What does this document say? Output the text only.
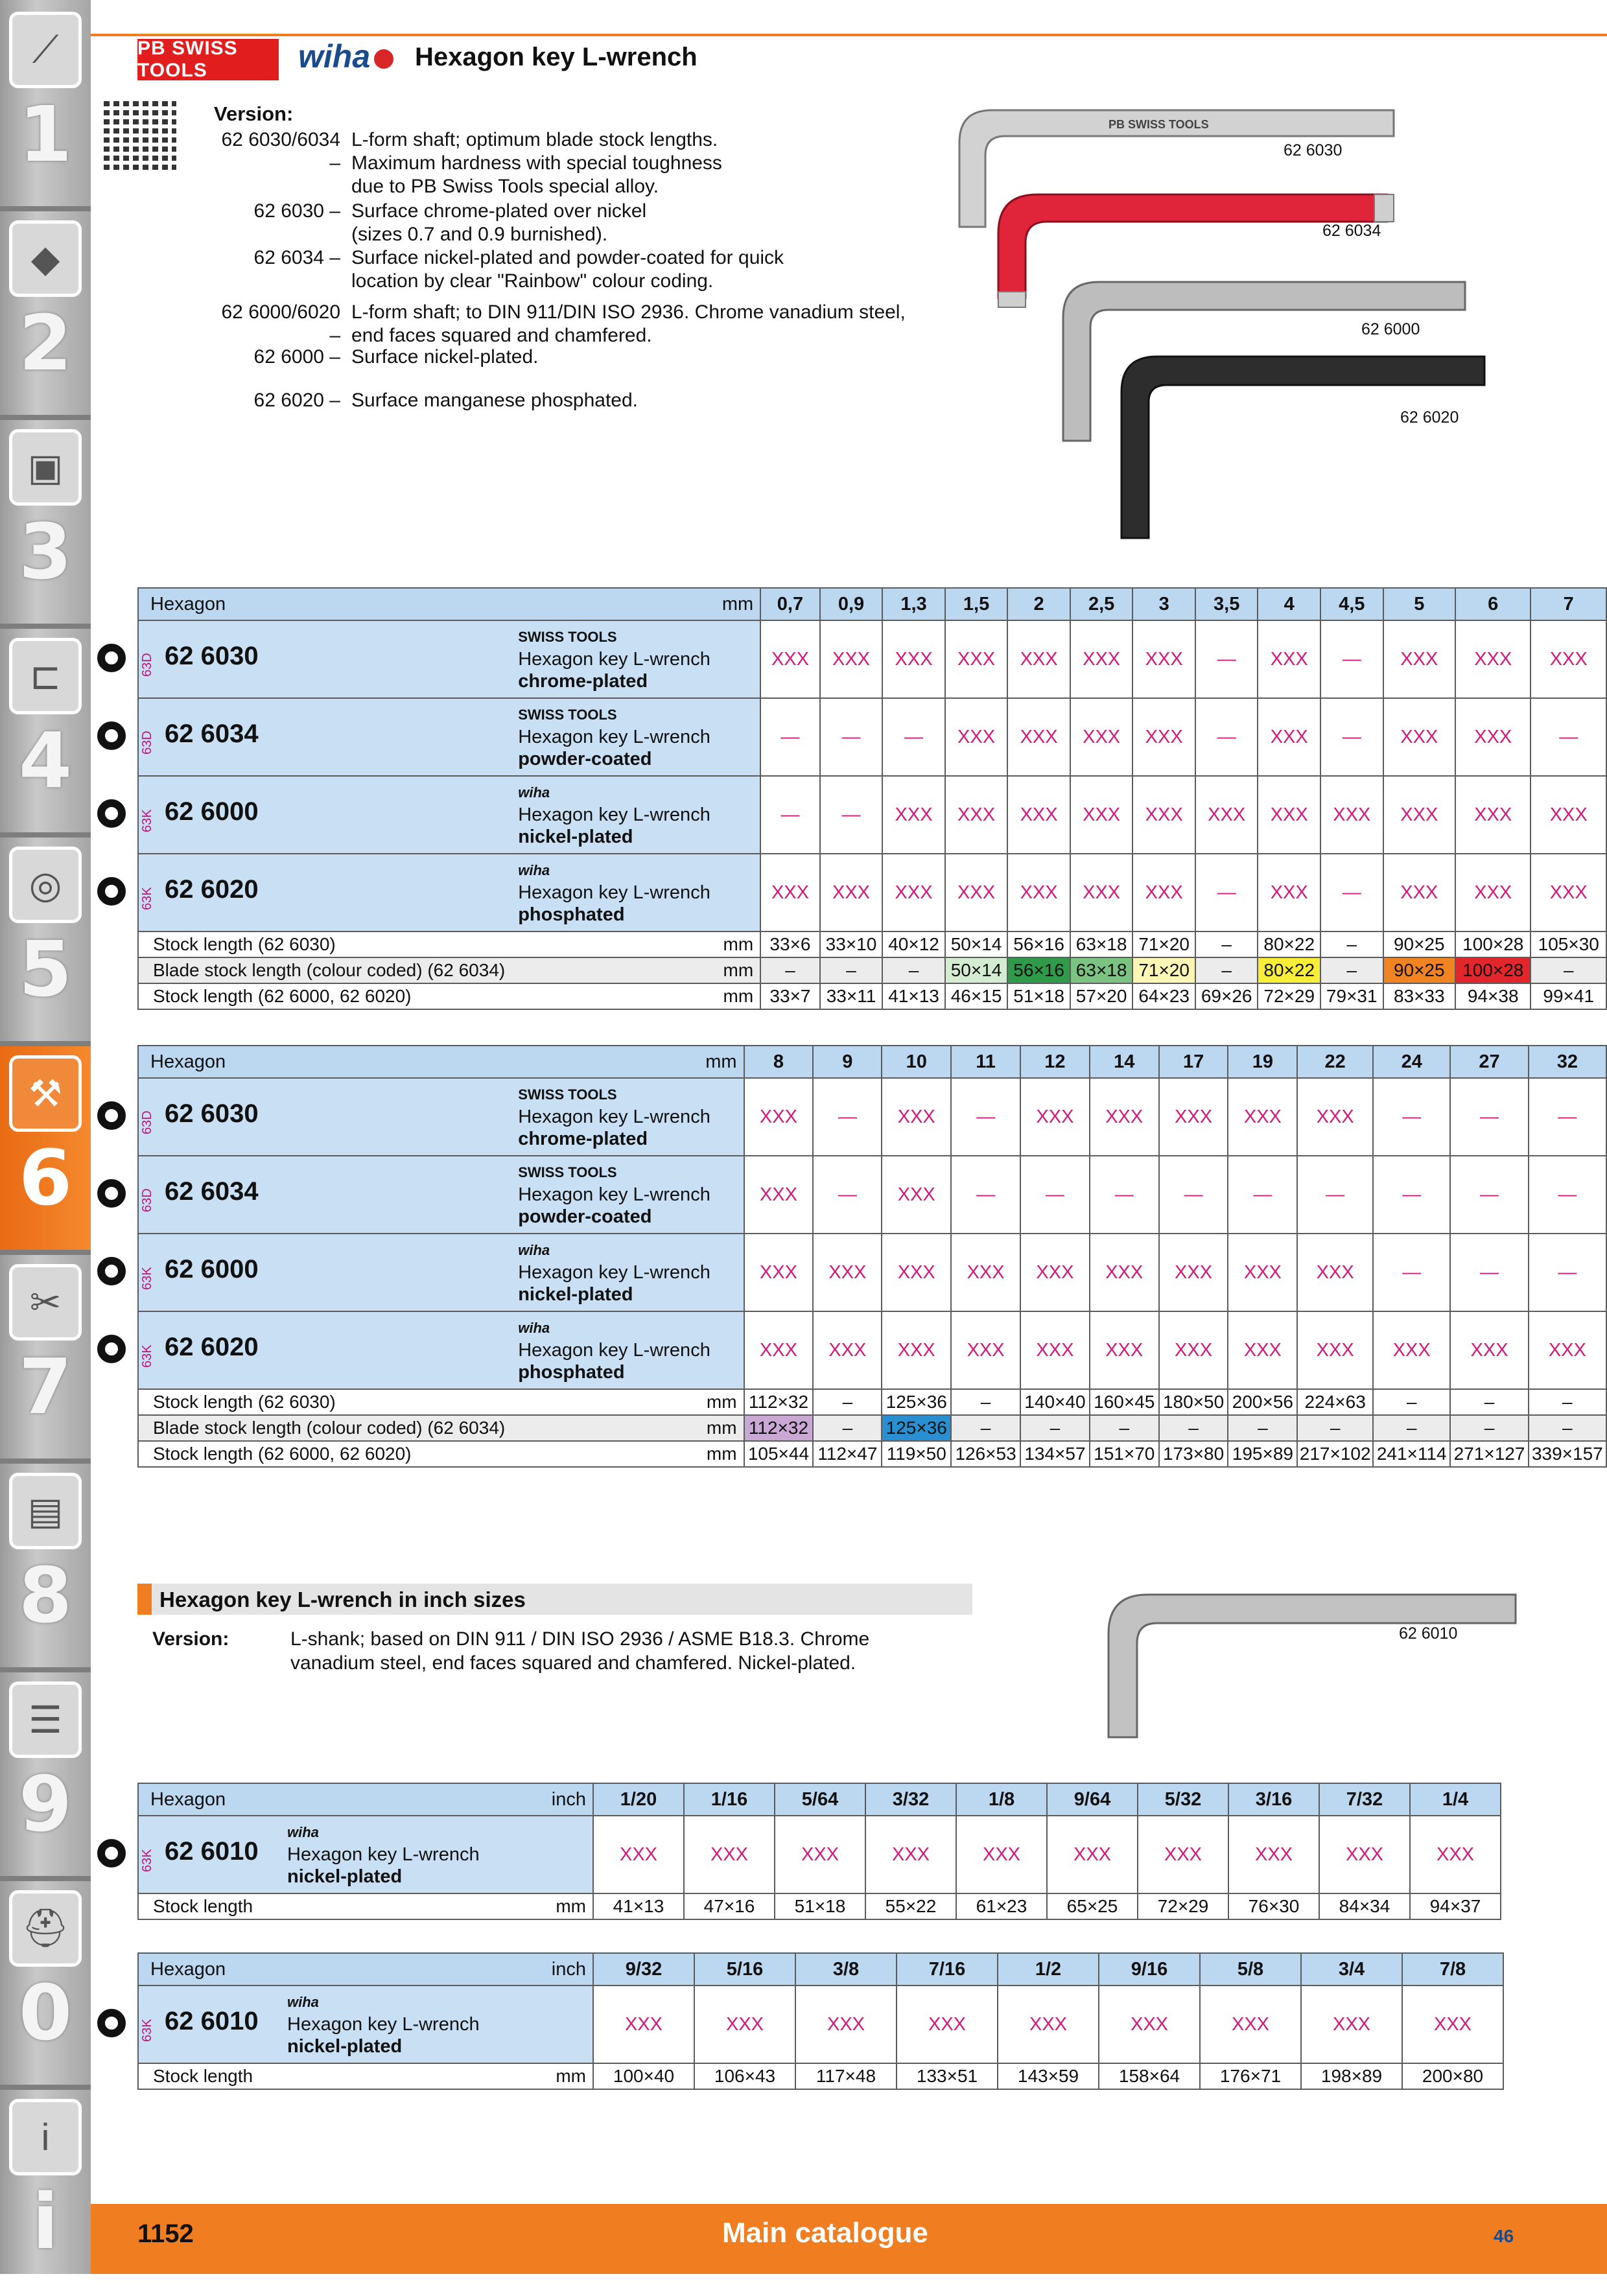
⟋
1
◆
2
▣
3
⊏
4
◎
5
⚒
6
✂
7
▤
8
☰
9
⛑
0
i
i
PB SWISS TOOLS	wiha	Hexagon key L-wrench
Version:
62 6030/6034 –
L-form shaft; optimum blade stock lengths. Maximum hardness with special toughness due to PB Swiss Tools special alloy.
62 6030 – Surface chrome-plated over nickel (sizes 0.7 and 0.9 burnished).
62 6034 – Surface nickel-plated and powder-coated for quick location by clear "Rainbow" colour coding.
62 6000/6020 –
L-form shaft; to DIN 911/DIN ISO 2936. Chrome vanadium steel, end faces squared and chamfered.
62 6000 – Surface nickel-plated.
62 6020 – Surface manganese phosphated.
PB SWISS TOOLS
62 6030
62 6034
62 6000
62 6020
Hexagon	mm	0,7	0,9	1,3	1,5	2	2,5	3	3,5	4	4,5	5	6	7

63D 62 6030	SWISS TOOLS
Hexagon key L-wrench
chrome-plated	XXX	XXX	XXX	XXX	XXX	XXX	XXX	—	XXX	—	XXX	XXX	XXX

63D 62 6034	SWISS TOOLS
Hexagon key L-wrench
powder-coated	—	—	—	XXX	XXX	XXX	XXX	—	XXX	—	XXX	XXX	—

63K 62 6000	wiha
Hexagon key L-wrench
nickel-plated	—	—	XXX	XXX	XXX	XXX	XXX	XXX	XXX	XXX	XXX	XXX	XXX

63K 62 6020	wiha
Hexagon key L-wrench
phosphated	XXX	XXX	XXX	XXX	XXX	XXX	XXX	—	XXX	—	XXX	XXX	XXX
Stock length (62 6030)	mm	33×6	33×10	40×12	50×14	56×16	63×18	71×20	–	80×22	–	90×25	100×28	105×30
Blade stock length (colour coded) (62 6034)	mm	–	–	–	50×14	56×16	63×18	71×20	–	80×22	–	90×25	100×28	–
Stock length (62 6000, 62 6020)	mm	33×7	33×11	41×13	46×15	51×18	57×20	64×23	69×26	72×29	79×31	83×33	94×38	99×41
Hexagon	mm	8	9	10	11	12	14	17	19	22	24	27	32

63D 62 6030	SWISS TOOLS
Hexagon key L-wrench
chrome-plated	XXX	—	XXX	—	XXX	XXX	XXX	XXX	XXX	—	—	—

63D 62 6034	SWISS TOOLS
Hexagon key L-wrench
powder-coated	XXX	—	XXX	—	—	—	—	—	—	—	—	—

63K 62 6000	wiha
Hexagon key L-wrench
nickel-plated	XXX	XXX	XXX	XXX	XXX	XXX	XXX	XXX	XXX	—	—	—

63K 62 6020	wiha
Hexagon key L-wrench
phosphated	XXX	XXX	XXX	XXX	XXX	XXX	XXX	XXX	XXX	XXX	XXX	XXX
Stock length (62 6030)	mm	112×32	–	125×36	–	140×40	160×45	180×50	200×56	224×63	–	–	–
Blade stock length (colour coded) (62 6034)	mm	112×32	–	125×36	–	–	–	–	–	–	–	–	–
Stock length (62 6000, 62 6020)	mm	105×44	112×47	119×50	126×53	134×57	151×70	173×80	195×89	217×102	241×114	271×127	339×157
Hexagon	inch	1/20	1/16	5/64	3/32	1/8	9/64	5/32	3/16	7/32	1/4

63K 62 6010	wiha
Hexagon key L-wrench
nickel-plated	XXX	XXX	XXX	XXX	XXX	XXX	XXX	XXX	XXX	XXX
Stock length	mm	41×13	47×16	51×18	55×22	61×23	65×25	72×29	76×30	84×34	94×37
Hexagon	inch	9/32	5/16	3/8	7/16	1/2	9/16	5/8	3/4	7/8

63K 62 6010	wiha
Hexagon key L-wrench
nickel-plated	XXX	XXX	XXX	XXX	XXX	XXX	XXX	XXX	XXX
Stock length	mm	100×40	106×43	117×48	133×51	143×59	158×64	176×71	198×89	200×80
Hexagon key L-wrench in inch sizes
Version:	L-shank; based on DIN 911 / DIN ISO 2936 / ASME B18.3. Chrome vanadium steel, end faces squared and chamfered. Nickel-plated.
62 6010
1152	Main catalogue	46
